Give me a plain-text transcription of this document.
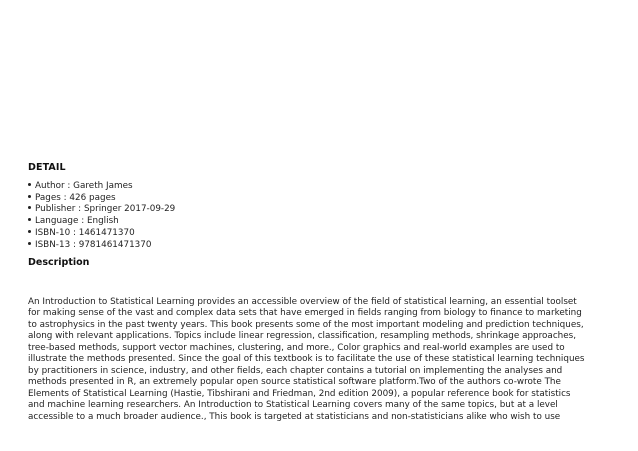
DETAIL
Author : Gareth James
Pages : 426 pages
Publisher : Springer 2017-09-29
Language : English
ISBN-10 : 1461471370
ISBN-13 : 9781461471370
Description

An Introduction to Statistical Learning provides an accessible overview of the field of statistical learning, an essential toolset
for making sense of the vast and complex data sets that have emerged in fields ranging from biology to finance to marketing
to astrophysics in the past twenty years. This book presents some of the most important modeling and prediction techniques,
along with relevant applications. Topics include linear regression, classification, resampling methods, shrinkage approaches,
tree-based methods, support vector machines, clustering, and more., Color graphics and real-world examples are used to
illustrate the methods presented. Since the goal of this textbook is to facilitate the use of these statistical learning techniques
by practitioners in science, industry, and other fields, each chapter contains a tutorial on implementing the analyses and
methods presented in R, an extremely popular open source statistical software platform.Two of the authors co-wrote The
Elements of Statistical Learning (Hastie, Tibshirani and Friedman, 2nd edition 2009), a popular reference book for statistics
and machine learning researchers. An Introduction to Statistical Learning covers many of the same topics, but at a level
accessible to a much broader audience., This book is targeted at statisticians and non-statisticians alike who wish to use
